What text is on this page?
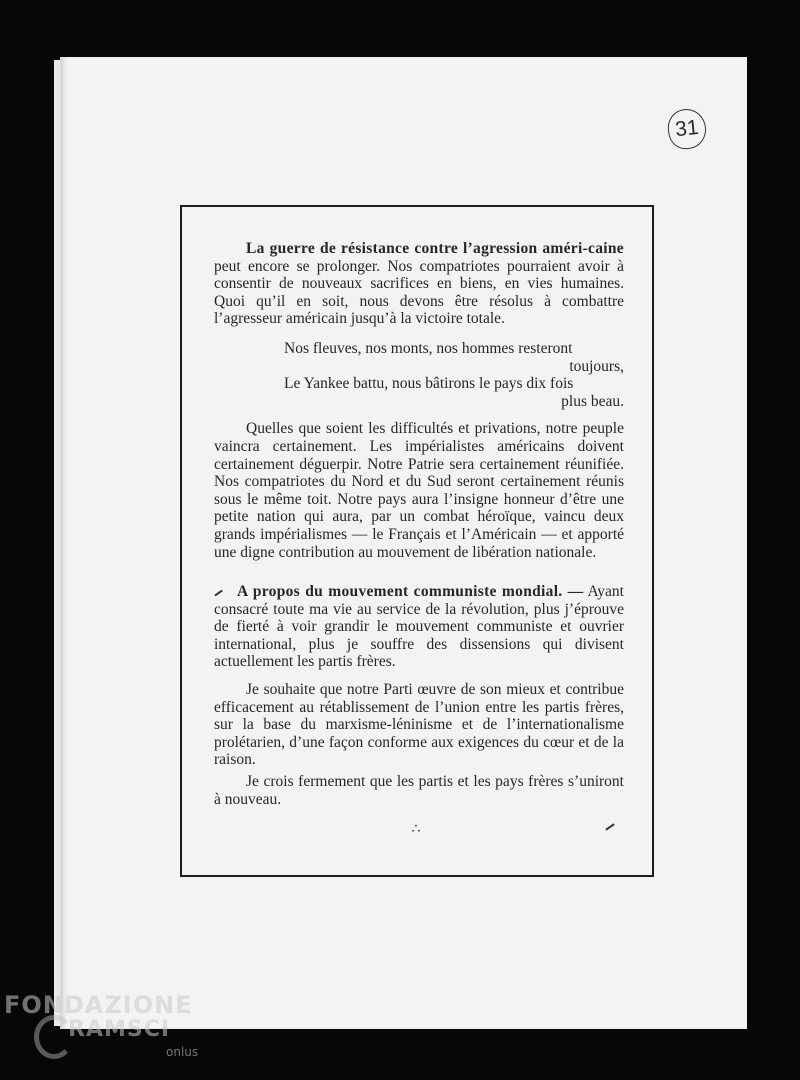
31

La guerre de résistance contre l’agression améri-caine peut encore se prolonger. Nos compatriotes pourraient avoir à consentir de nouveaux sacrifices en biens, en vies humaines. Quoi qu’il en soit, nous devons être résolus à combattre l’agresseur américain jusqu’à la victoire totale.

Nos fleuves, nos monts, nos hommes resteront
toujours,
Le Yankee battu, nous bâtirons le pays dix fois
plus beau.

Quelles que soient les difficultés et privations, notre peuple vaincra certainement. Les impérialistes américains doivent certainement déguerpir. Notre Patrie sera certainement réunifiée. Nos compatriotes du Nord et du Sud seront certainement réunis sous le même toit. Notre pays aura l’insigne honneur d’être une petite nation qui aura, par un combat héroïque, vaincu deux grands impérialismes — le Français et l’Américain — et apporté une digne contribution au mouvement de libération nationale.

A propos du mouvement communiste mondial. — Ayant consacré toute ma vie au service de la révolution, plus j’éprouve de fierté à voir grandir le mouvement communiste et ouvrier international, plus je souffre des dissensions qui divisent actuellement les partis frères.

Je souhaite que notre Parti œuvre de son mieux et contribue efficacement au rétablissement de l’union entre les partis frères, sur la base du marxisme-léninisme et de l’internationalisme prolétarien, d’une façon conforme aux exigences du cœur et de la raison.

Je crois fermement que les partis et les pays frères s’uniront à nouveau.

∴
FONDAZIONE
RAMSCI
onlus
